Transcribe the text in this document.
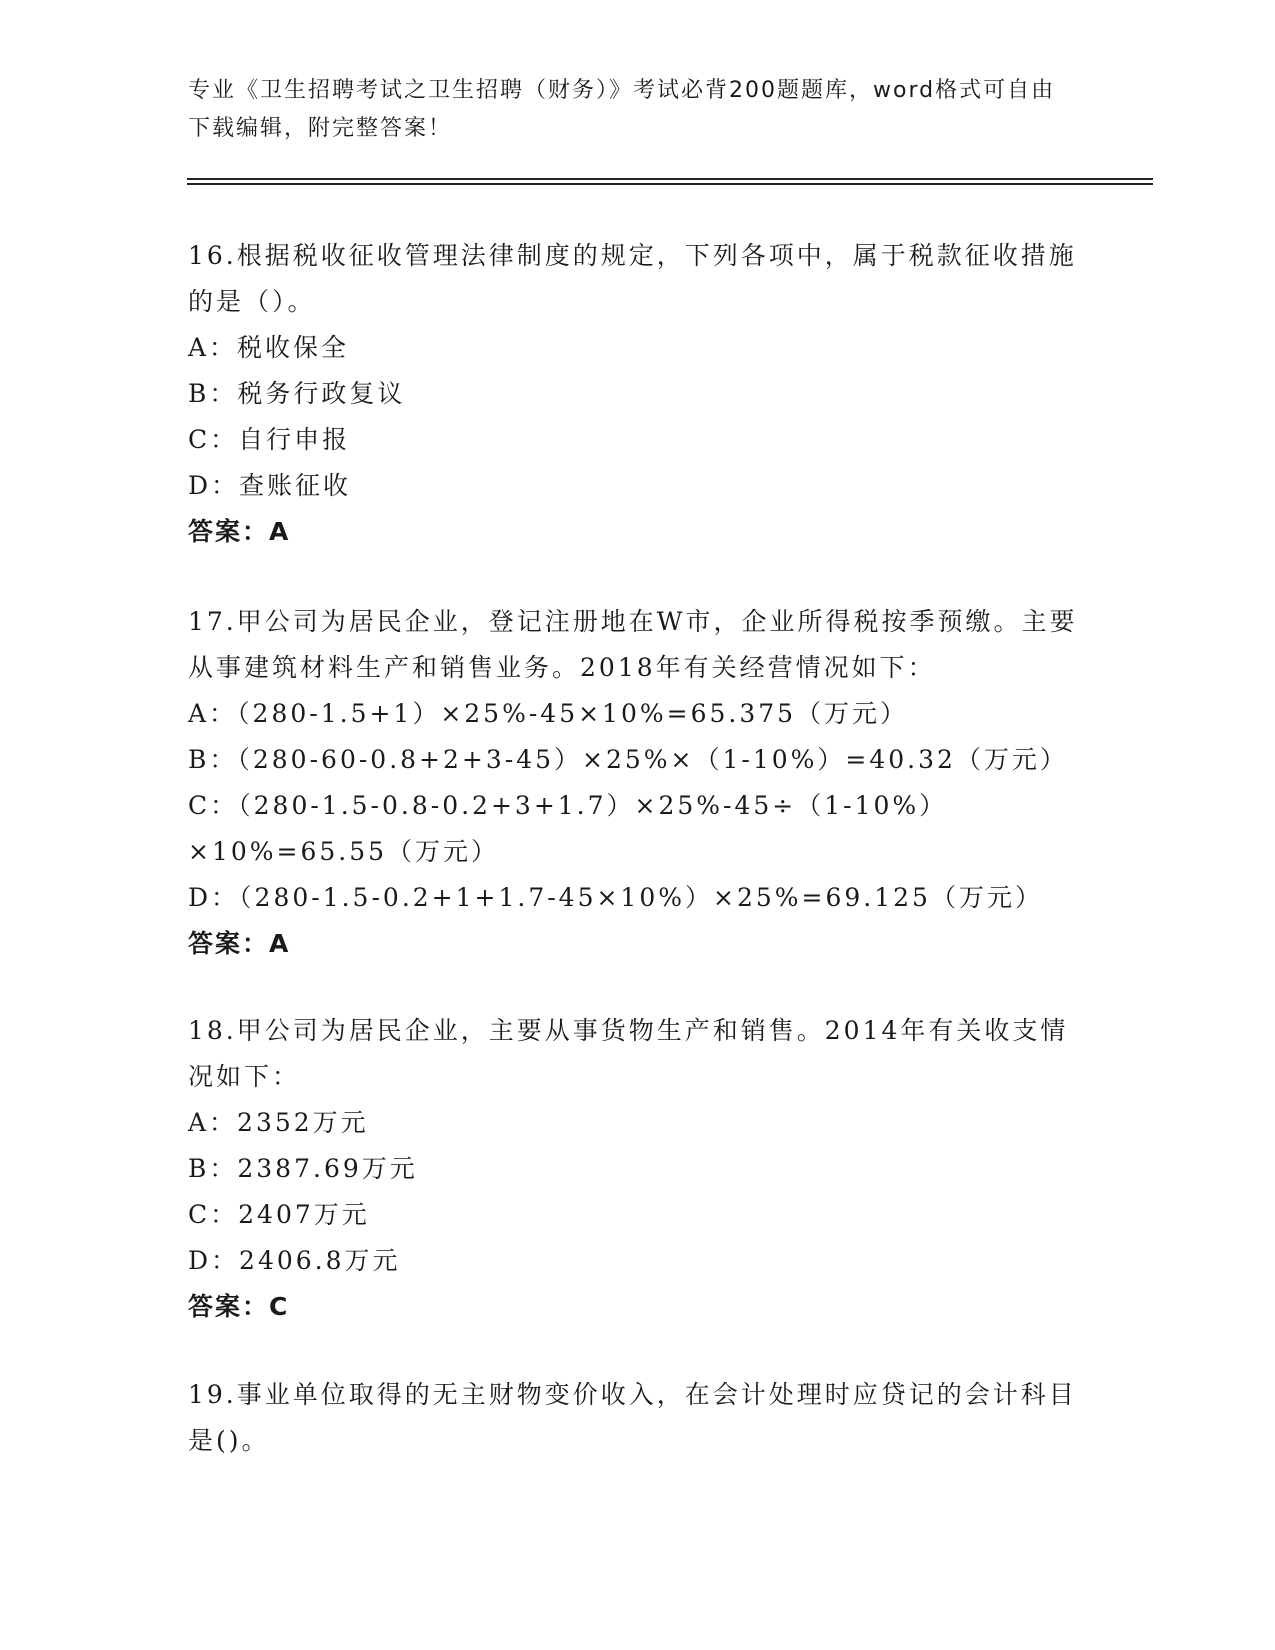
专业《卫生招聘考试之卫生招聘（财务）》考试必背200题题库，word格式可自由下载编辑，附完整答案！

16.根据税收征收管理法律制度的规定，下列各项中，属于税款征收措施的是（）。

A：税收保全

B：税务行政复议

C：自行申报

D：查账征收

答案：A

17.甲公司为居民企业，登记注册地在W市，企业所得税按季预缴。主要从事建筑材料生产和销售业务。2018年有关经营情况如下：

A：（280-1.5+1）×25%-45×10%=65.375（万元）

B：（280-60-0.8+2+3-45）×25%×（1-10%）=40.32（万元）

C：（280-1.5-0.8-0.2+3+1.7）×25%-45÷（1-10%）×10%=65.55（万元）

D：（280-1.5-0.2+1+1.7-45×10%）×25%=69.125（万元）

答案：A

18.甲公司为居民企业，主要从事货物生产和销售。2014年有关收支情况如下：

A：2352万元

B：2387.69万元

C：2407万元

D：2406.8万元

答案：C

19.事业单位取得的无主财物变价收入，在会计处理时应贷记的会计科目是()。
